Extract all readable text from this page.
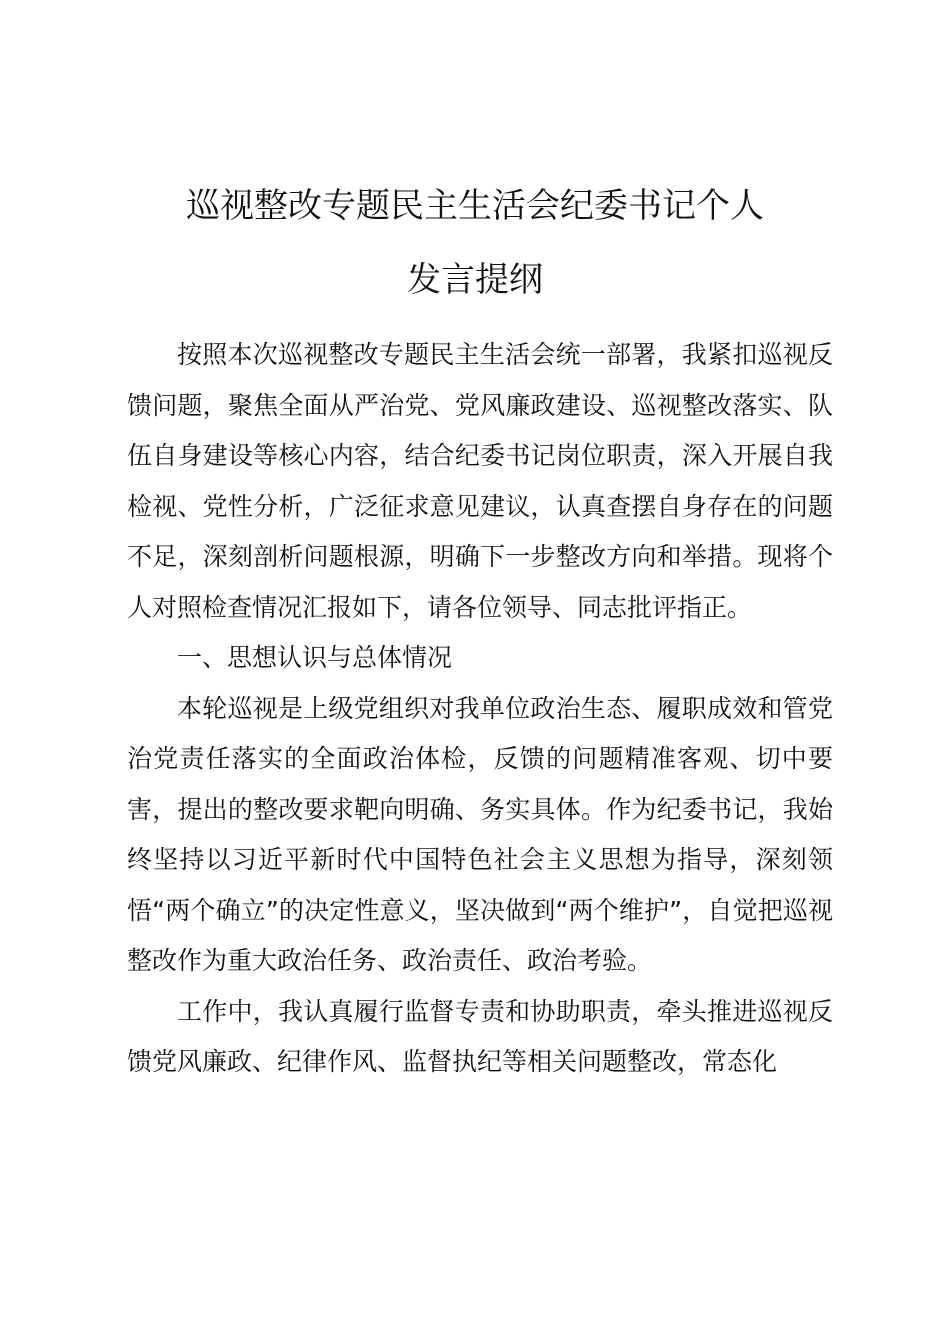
巡视整改专题民主生活会纪委书记个人
发言提纲

按照本次巡视整改专题民主生活会统一部署，我紧扣巡视反馈问题，聚焦全面从严治党、党风廉政建设、巡视整改落实、队伍自身建设等核心内容，结合纪委书记岗位职责，深入开展自我检视、党性分析，广泛征求意见建议，认真查摆自身存在的问题不足，深刻剖析问题根源，明确下一步整改方向和举措。现将个人对照检查情况汇报如下，请各位领导、同志批评指正。

一、思想认识与总体情况

本轮巡视是上级党组织对我单位政治生态、履职成效和管党治党责任落实的全面政治体检，反馈的问题精准客观、切中要害，提出的整改要求靶向明确、务实具体。作为纪委书记，我始终坚持以习近平新时代中国特色社会主义思想为指导，深刻领悟“两个确立”的决定性意义，坚决做到“两个维护”，自觉把巡视整改作为重大政治任务、政治责任、政治考验。

工作中，我认真履行监督专责和协助职责，牵头推进巡视反馈党风廉政、纪律作风、监督执纪等相关问题整改，常态化
